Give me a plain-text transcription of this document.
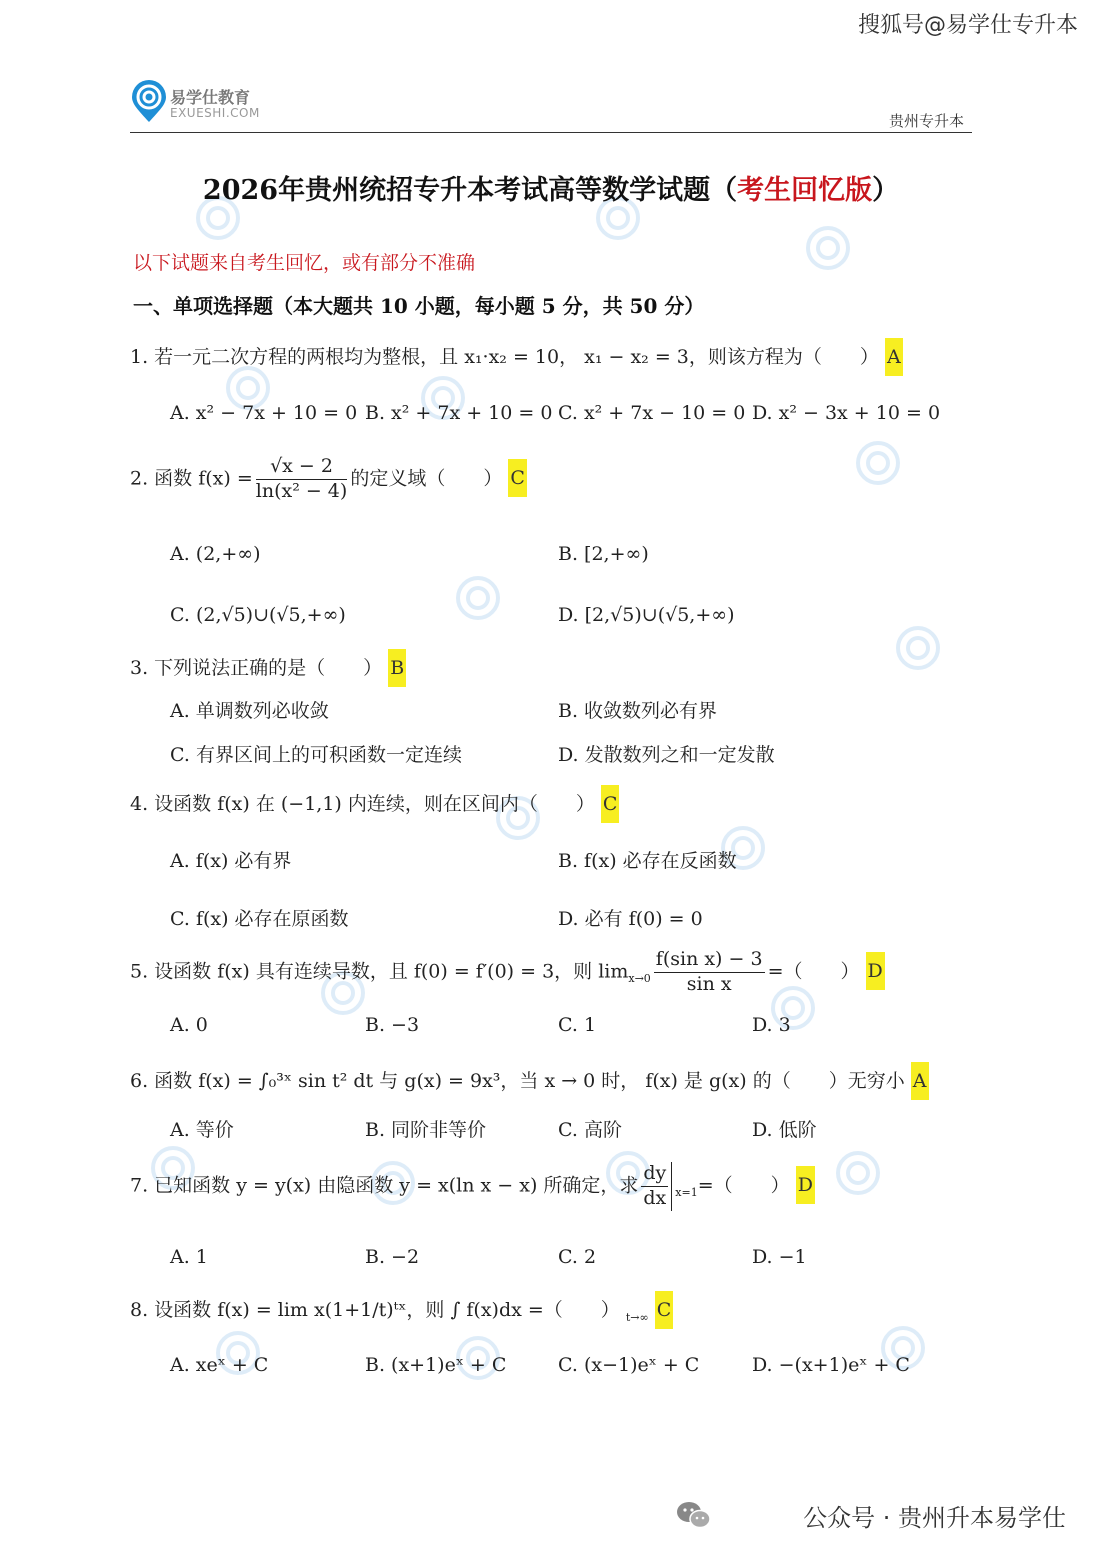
搜狐号@易学仕专升本
易学仕教育
EXUESHI.COM	贵州专升本
2026年贵州统招专升本考试高等数学试题（考生回忆版）
以下试题来自考生回忆，或有部分不准确
一、单项选择题（本大题共 10 小题，每小题 5 分，共 50 分）
1. 若一元二次方程的两根均为整根，且 x₁·x₂ = 10， x₁ − x₂ = 3，则该方程为（　　） A
A. x² − 7x + 10 = 0 B. x² + 7x + 10 = 0 C. x² + 7x − 10 = 0 D. x² − 3x + 10 = 0
2. 函数 $f(x) = \frac{√x - 2}{\text{ln(x² − 4)}}$ 的定义域（　　） C
A. (2,+∞)	B. [2,+∞)
C. (2,√5)∪(√5,+∞)	D. [2,√5)∪(√5,+∞)
3. 下列说法正确的是（　　） B
A. 单调数列必收敛	B. 收敛数列必有界
C. 有界区间上的可积函数一定连续	D. 发散数列之和一定发散
4. 设函数 f(x) 在 (−1,1) 内连续，则在区间内（　　） C
A. f(x) 必有界	B. f(x) 必存在反函数
C. f(x) 必存在原函数	D. 必有 f(0) = 0
5. 设函数 f(x) 具有连续导数，且 f(0) = f′(0) = 3，则 $\lim_{x\to 0} \frac{\text{f(sin x) − 3}}{\text{sin x}}$ =（　　） D
A. 0	B. −3	C. 1	D. 3
6. 函数 f(x) = ∫₀³ˣ sin t² dt 与 g(x) = 9x³，当 x → 0 时， f(x) 是 g(x) 的（　　）无穷小 A
A. 等价	B. 同阶非等价	C. 高阶	D. 低阶
7. 已知函数 y = y(x) 由隐函数 y = x(ln x − x) 所确定，求 $\frac{dy}{dx} _{x=1}=$（　　） D
A. 1	B. −2	C. 2	D. −1
8. 设函数 f(x) = lim x(1+1/t)ᵗˣ，则 ∫ f(x)dx =（　　） $_{t\to\infty}$ C
A. xeˣ + C	B. (x+1)eˣ + C	C. (x−1)eˣ + C	D. −(x+1)eˣ + C
公众号 · 贵州升本易学仕
